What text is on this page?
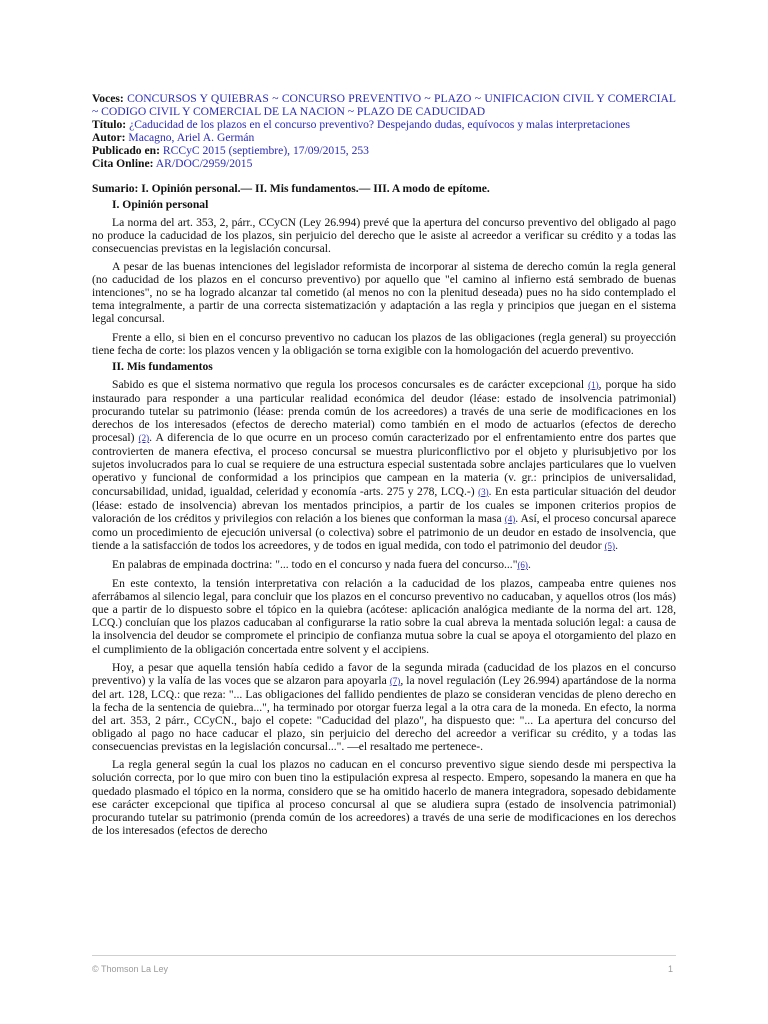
Voces: CONCURSOS Y QUIEBRAS ~ CONCURSO PREVENTIVO ~ PLAZO ~ UNIFICACION CIVIL Y COMERCIAL ~ CODIGO CIVIL Y COMERCIAL DE LA NACION ~ PLAZO DE CADUCIDAD
Título: ¿Caducidad de los plazos en el concurso preventivo? Despejando dudas, equívocos y malas interpretaciones
Autor: Macagno, Ariel A. Germán
Publicado en: RCCyC 2015 (septiembre), 17/09/2015, 253
Cita Online: AR/DOC/2959/2015
Sumario: I. Opinión personal.— II. Mis fundamentos.— III. A modo de epítome.
I. Opinión personal

La norma del art. 353, 2, párr., CCyCN (Ley 26.994) prevé que la apertura del concurso preventivo del obligado al pago no produce la caducidad de los plazos, sin perjuicio del derecho que le asiste al acreedor a verificar su crédito y a todas las consecuencias previstas en la legislación concursal.

A pesar de las buenas intenciones del legislador reformista de incorporar al sistema de derecho común la regla general (no caducidad de los plazos en el concurso preventivo) por aquello que "el camino al infierno está sembrado de buenas intenciones", no se ha logrado alcanzar tal cometido (al menos no con la plenitud deseada) pues no ha sido contemplado el tema integralmente, a partir de una correcta sistematización y adaptación a las regla y principios que juegan en el sistema legal concursal.

Frente a ello, si bien en el concurso preventivo no caducan los plazos de las obligaciones (regla general) su proyección tiene fecha de corte: los plazos vencen y la obligación se torna exigible con la homologación del acuerdo preventivo.

II. Mis fundamentos

Sabido es que el sistema normativo que regula los procesos concursales es de carácter excepcional (1), porque ha sido instaurado para responder a una particular realidad económica del deudor (léase: estado de insolvencia patrimonial) procurando tutelar su patrimonio (léase: prenda común de los acreedores) a través de una serie de modificaciones en los derechos de los interesados (efectos de derecho material) como también en el modo de actuarlos (efectos de derecho procesal) (2). A diferencia de lo que ocurre en un proceso común caracterizado por el enfrentamiento entre dos partes que controvierten de manera efectiva, el proceso concursal se muestra pluriconflictivo por el objeto y plurisubjetivo por los sujetos involucrados para lo cual se requiere de una estructura especial sustentada sobre anclajes particulares que lo vuelven operativo y funcional de conformidad a los principios que campean en la materia (v. gr.: principios de universalidad, concursabilidad, unidad, igualdad, celeridad y economía -arts. 275 y 278, LCQ.-) (3). En esta particular situación del deudor (léase: estado de insolvencia) abrevan los mentados principios, a partir de los cuales se imponen criterios propios de valoración de los créditos y privilegios con relación a los bienes que conforman la masa (4). Así, el proceso concursal aparece como un procedimiento de ejecución universal (o colectiva) sobre el patrimonio de un deudor en estado de insolvencia, que tiende a la satisfacción de todos los acreedores, y de todos en igual medida, con todo el patrimonio del deudor (5).

En palabras de empinada doctrina: "... todo en el concurso y nada fuera del concurso..."(6).

En este contexto, la tensión interpretativa con relación a la caducidad de los plazos, campeaba entre quienes nos aferrábamos al silencio legal, para concluir que los plazos en el concurso preventivo no caducaban, y aquellos otros (los más) que a partir de lo dispuesto sobre el tópico en la quiebra (acótese: aplicación analógica mediante de la norma del art. 128, LCQ.) concluían que los plazos caducaban al configurarse la ratio sobre la cual abreva la mentada solución legal: a causa de la insolvencia del deudor se compromete el principio de confianza mutua sobre la cual se apoya el otorgamiento del plazo en el cumplimiento de la obligación concertada entre solvent y el accipiens.

Hoy, a pesar que aquella tensión había cedido a favor de la segunda mirada (caducidad de los plazos en el concurso preventivo) y la valía de las voces que se alzaron para apoyarla (7), la novel regulación (Ley 26.994) apartándose de la norma del art. 128, LCQ.: que reza: "... Las obligaciones del fallido pendientes de plazo se consideran vencidas de pleno derecho en la fecha de la sentencia de quiebra...", ha terminado por otorgar fuerza legal a la otra cara de la moneda. En efecto, la norma del art. 353, 2 párr., CCyCN., bajo el copete: "Caducidad del plazo", ha dispuesto que: "... La apertura del concurso del obligado al pago no hace caducar el plazo, sin perjuicio del derecho del acreedor a verificar su crédito, y a todas las consecuencias previstas en la legislación concursal...". —el resaltado me pertenece-.

La regla general según la cual los plazos no caducan en el concurso preventivo sigue siendo desde mi perspectiva la solución correcta, por lo que miro con buen tino la estipulación expresa al respecto. Empero, sopesando la manera en que ha quedado plasmado el tópico en la norma, considero que se ha omitido hacerlo de manera integradora, sopesado debidamente ese carácter excepcional que tipifica al proceso concursal al que se aludiera supra (estado de insolvencia patrimonial) procurando tutelar su patrimonio (prenda común de los acreedores) a través de una serie de modificaciones en los derechos de los interesados (efectos de derecho

© Thomson La Ley	1
